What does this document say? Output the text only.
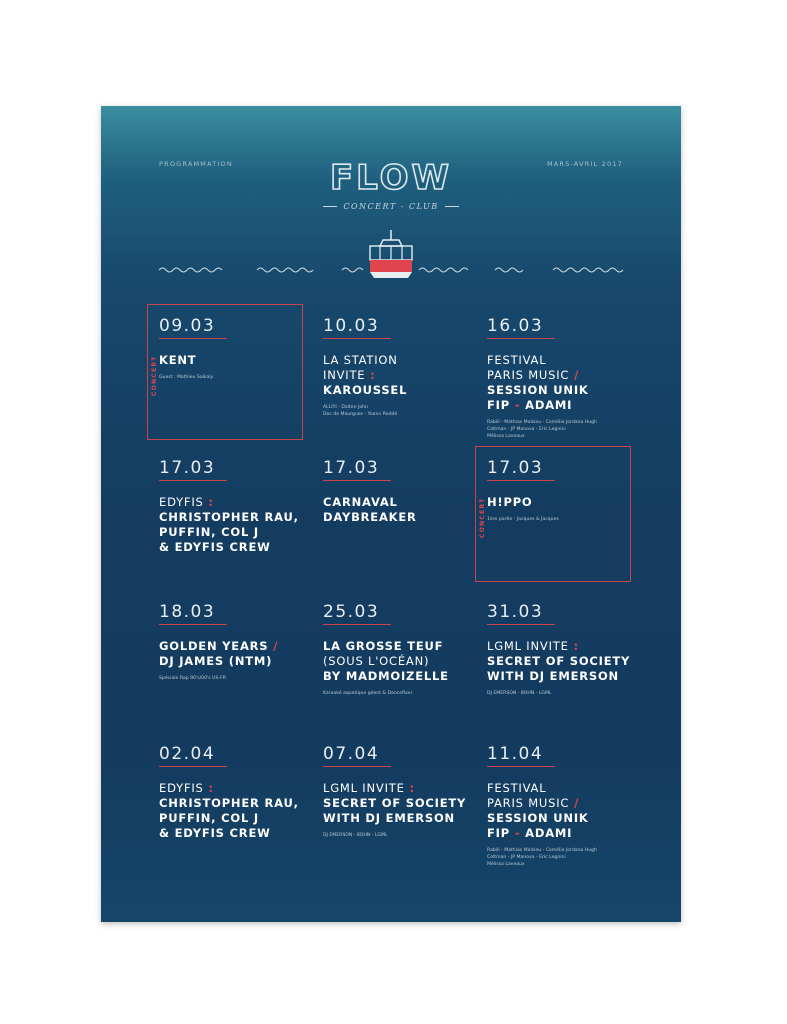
PROGRAMMATION	MARS-AVRIL 2017
FLOW
CONCERT - CLUB
CONCERT
09.03
KENT
Guest : Mathieu Saïkaly
10.03
LA STATION
INVITE :
KAROUSSEL
ALLIYI - Dalton John
Doc de Mourgues - Yoann Reddé
16.03
FESTIVAL
PARIS MUSIC /
SESSION UNIK
FIP - ADAMI
Rabill - Mathias Malzieu - Camélia Jordana Hugh
Coltman - JP Manova - Eric Legnini
Mélissa Laveaux
17.03
EDYFIS :
CHRISTOPHER RAU,
PUFFIN, COL J
& EDYFIS CREW
17.03
CARNAVAL
DAYBREAKER	CONCERT
17.03
H!PPO
1ère partie : Jacques & Jacques
18.03
GOLDEN YEARS /
DJ JAMES (NTM)
Spéciale Rap 90's/00's US-FR
25.03
LA GROSSE TEUF
(SOUS L'OCÉAN)
BY MADMOIZELLE
Karaoké aquatique géant & Dancefloor
31.03
LGML INVITE :
SECRET OF SOCIETY
WITH DJ EMERSON
DJ EMERSON - 8OHN - LGML
02.04
EDYFIS :
CHRISTOPHER RAU,
PUFFIN, COL J
& EDYFIS CREW
07.04
LGML INVITE :
SECRET OF SOCIETY
WITH DJ EMERSON
DJ EMERSON - 8OHN - LGML
11.04
FESTIVAL
PARIS MUSIC /
SESSION UNIK
FIP - ADAMI
Rabill - Mathias Malzieu - Camélia Jordana Hugh
Coltman - JP Manova - Eric Legnini
Mélissa Laveaux
